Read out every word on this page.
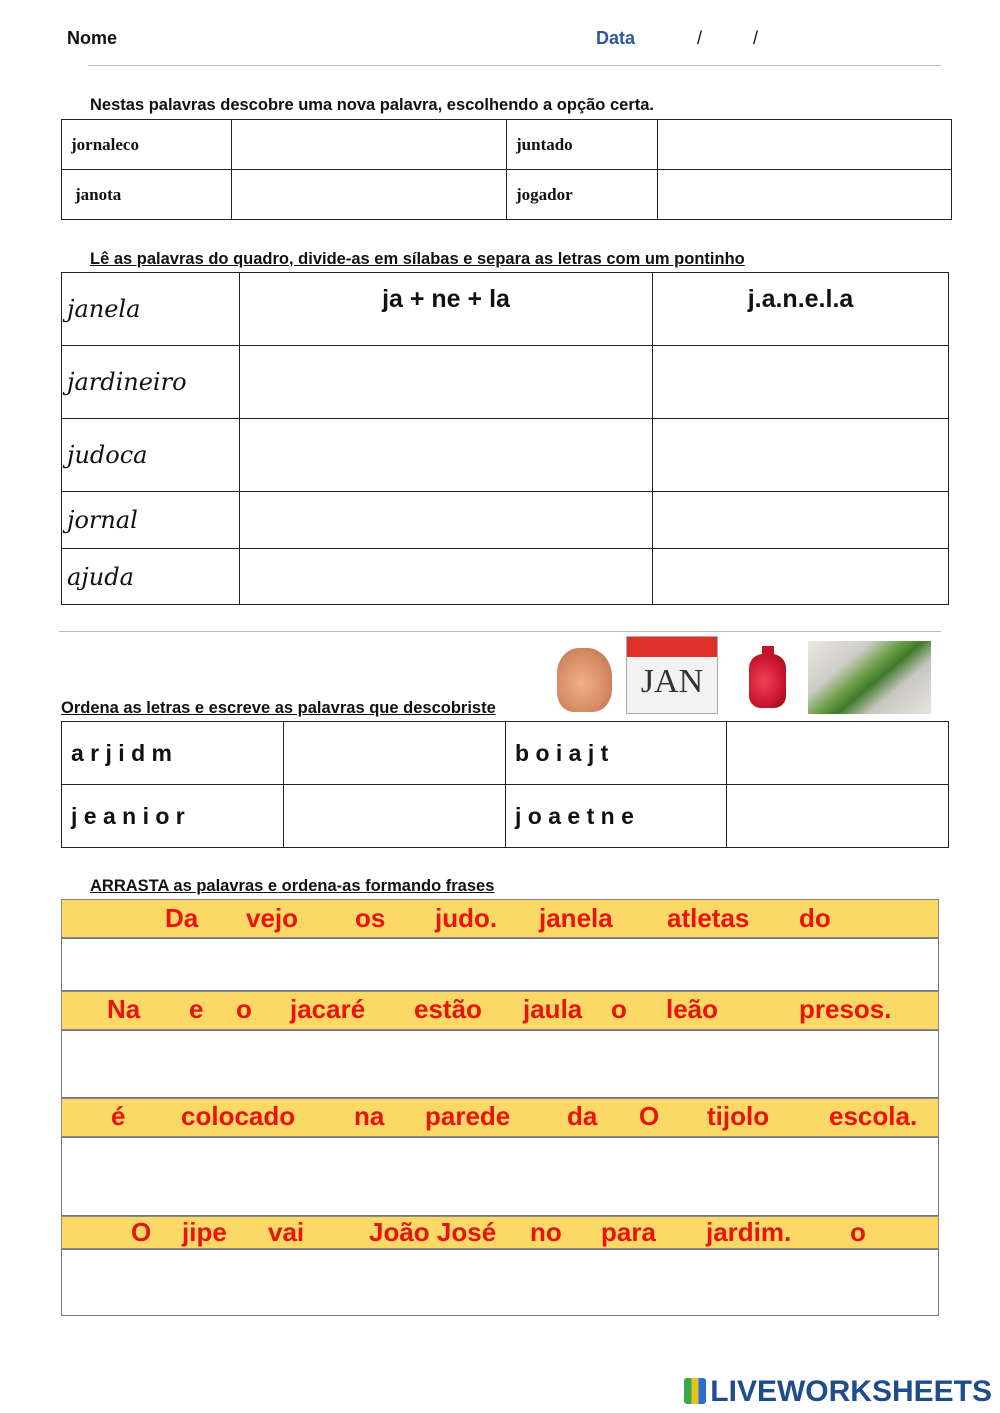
Nome	Data	/	/
Nestas palavras descobre uma nova palavra, escolhendo a opção certa.
jornaleco		juntado	
janota		jogador	
Lê as palavras do quadro, divide-as em sílabas e separa as letras com um pontinho
janela	ja + ne + la	j.a.n.e.l.a
jardineiro		
judoca		
jornal		
ajuda		
JAN
Ordena as letras e escreve as palavras que descobriste
a r j i d m		b o i a j t	
j e a n i o r		j o a e t n e	
ARRASTA as palavras e ordena-as formando frases
Da vejo os judo. janela atletas do
Na e o jacaré estão jaula o leão	presos.
é colocado na parede da O tijolo escola.
O jipe vai João José no para jardim. o
LIVEWORKSHEETS
